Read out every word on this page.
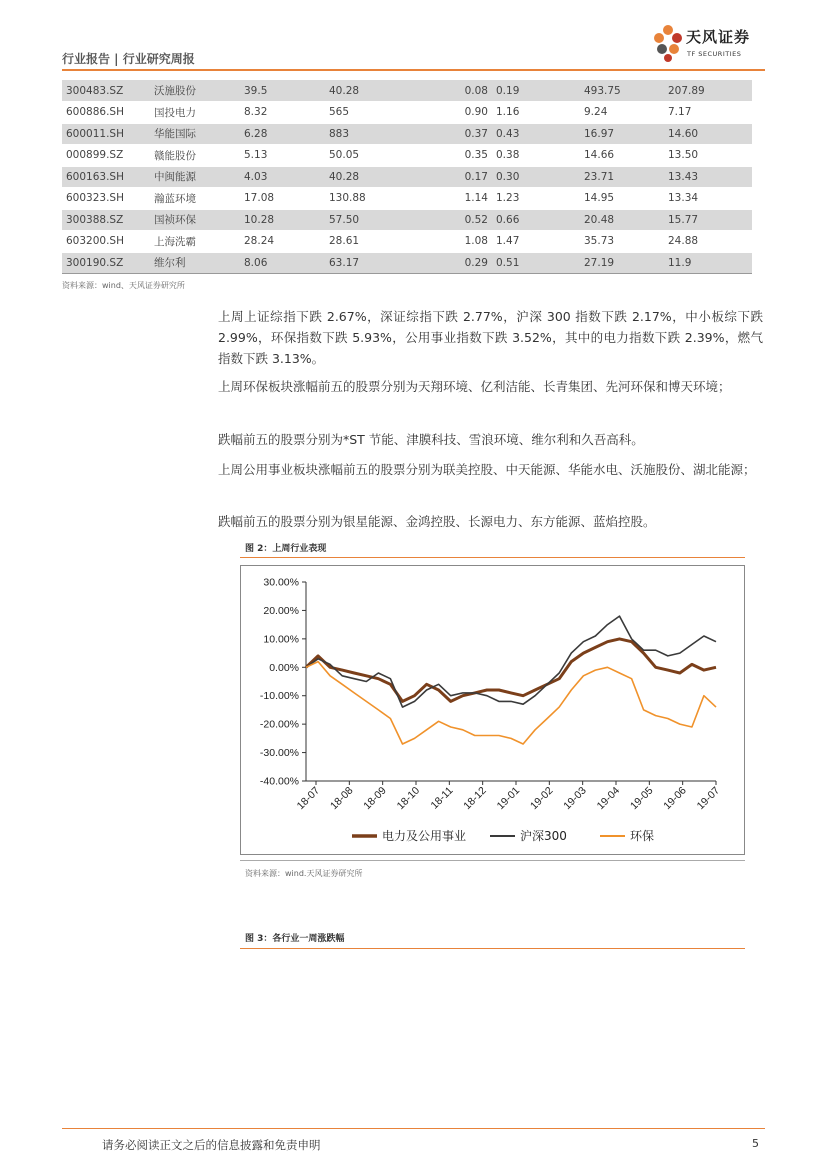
行业报告 | 行业研究周报
天风证券
TF SECURITIES
300483.SZ	沃施股份	39.5	40.28	0.08	0.19	493.75	207.89
600886.SH	国投电力	8.32	565	0.90	1.16	9.24	7.17
600011.SH	华能国际	6.28	883	0.37	0.43	16.97	14.60
000899.SZ	赣能股份	5.13	50.05	0.35	0.38	14.66	13.50
600163.SH	中闽能源	4.03	40.28	0.17	0.30	23.71	13.43
600323.SH	瀚蓝环境	17.08	130.88	1.14	1.23	14.95	13.34
300388.SZ	国祯环保	10.28	57.50	0.52	0.66	20.48	15.77
603200.SH	上海洗霸	28.24	28.61	1.08	1.47	35.73	24.88
300190.SZ	维尔利	8.06	63.17	0.29	0.51	27.19	11.9
资料来源：wind、天风证券研究所
上周上证综指下跌 2.67%，深证综指下跌 2.77%，沪深 300 指数下跌 2.17%，中小板综下跌 2.99%，环保指数下跌 5.93%，公用事业指数下跌 3.52%，其中的电力指数下跌 2.39%，燃气指数下跌 3.13%。
上周环保板块涨幅前五的股票分别为天翔环境、亿利洁能、长青集团、先河环保和博天环境；
跌幅前五的股票分别为*ST 节能、津膜科技、雪浪环境、维尔利和久吾高科。
上周公用事业板块涨幅前五的股票分别为联美控股、中天能源、华能水电、沃施股份、湖北能源；
跌幅前五的股票分别为银星能源、金鸿控股、长源电力、东方能源、蓝焰控股。
图 2：上周行业表现
30.00%
20.00%
10.00%
0.00%
-10.00%
-20.00%
-30.00%
-40.00%
18-07 18-08 18-09 18-10 18-11 18-12 19-01 19-02 19-03 19-04 19-05 19-06 19-07
电力及公用事业	沪深300	环保
资料来源：wind.天风证券研究所
图 3：各行业一周涨跌幅
请务必阅读正文之后的信息披露和免责申明	5
